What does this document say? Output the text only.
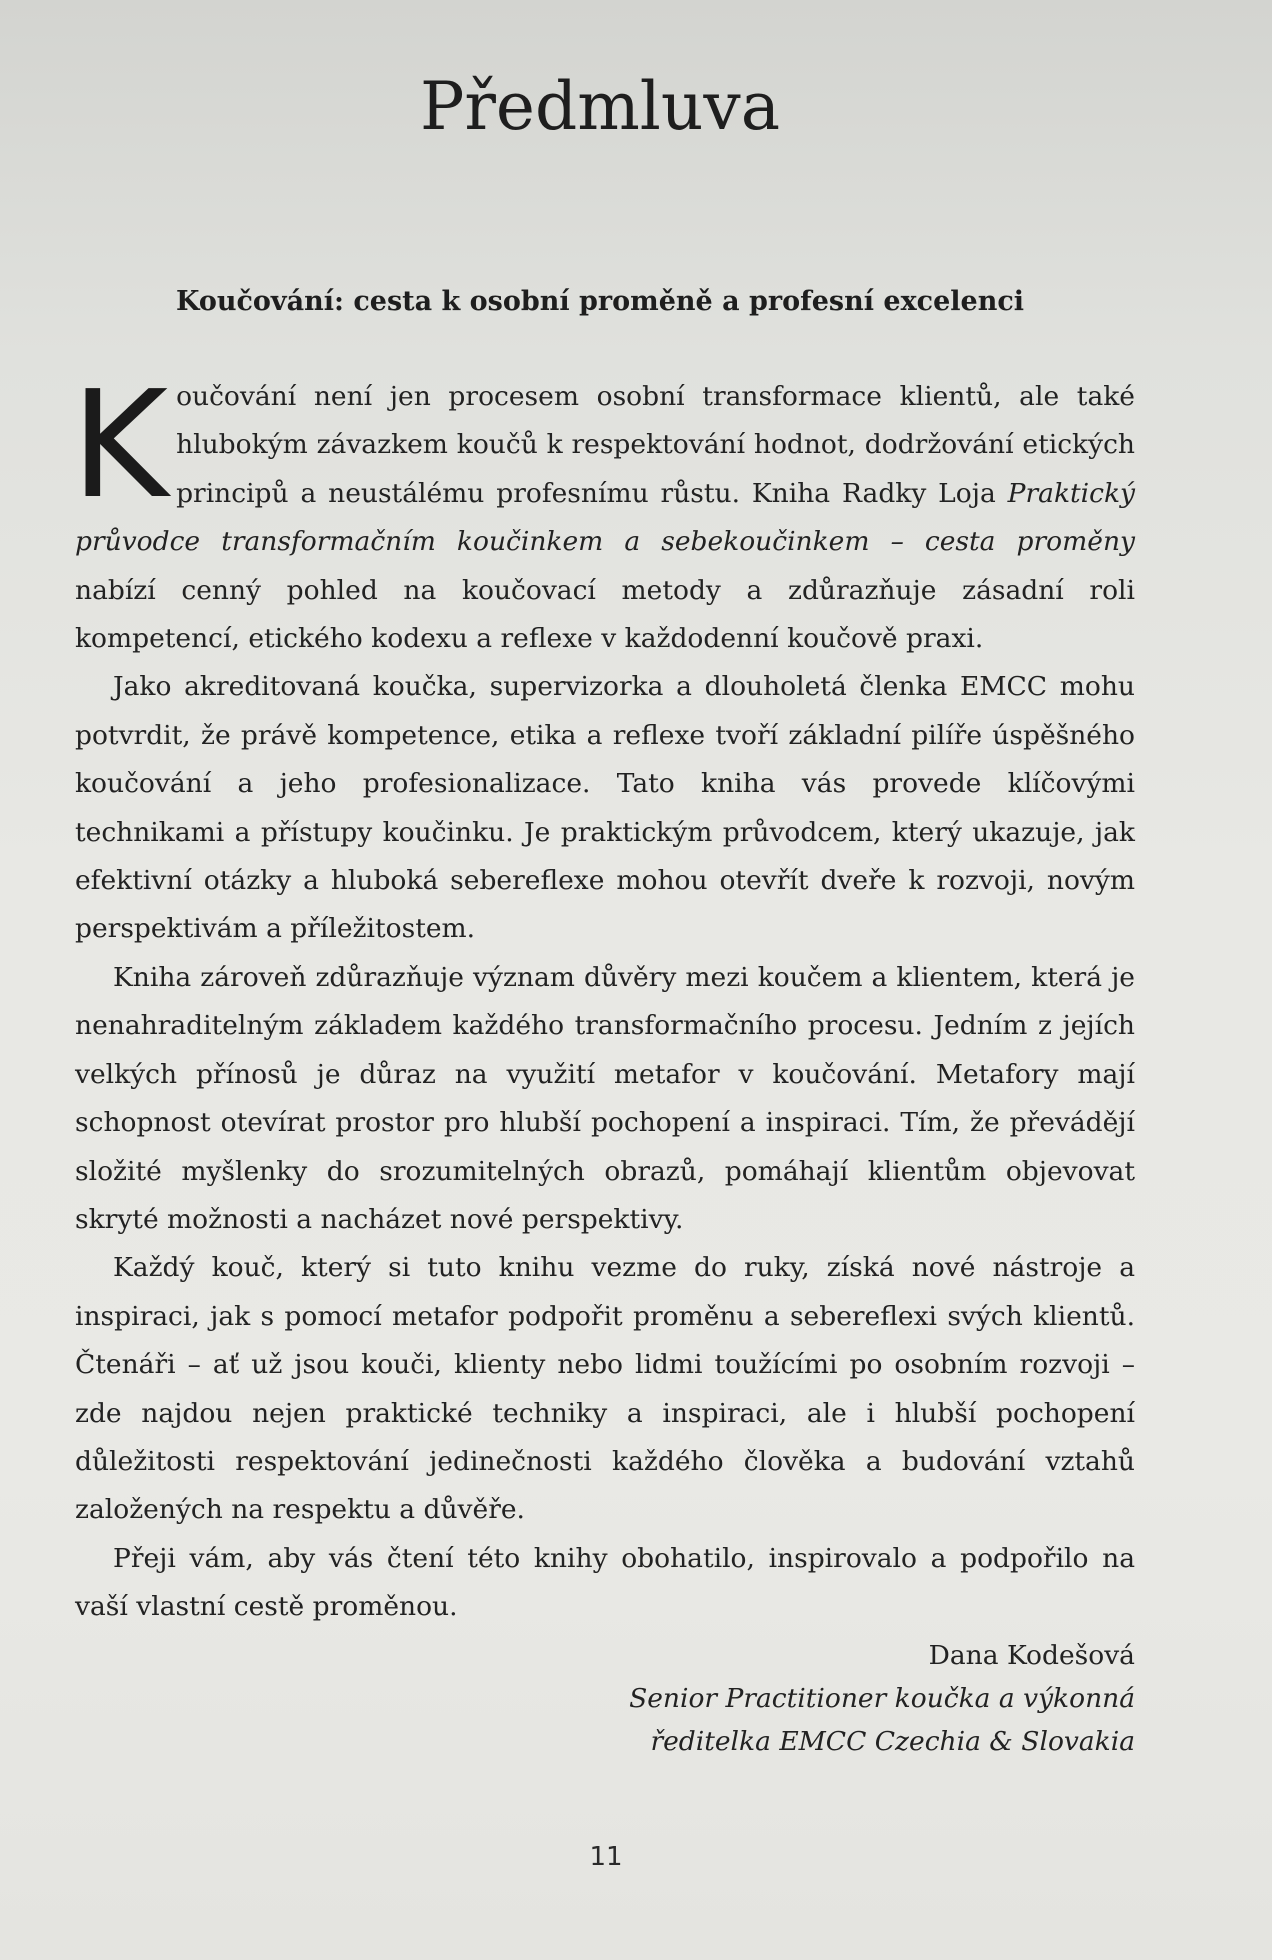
Předmluva
Koučování: cesta k osobní proměně a profesní excelenci

Koučování není jen procesem osobní transformace klientů, ale také hlubokým závazkem koučů k respektování hodnot, dodržování etických principů a neustálému profesnímu růstu. Kniha Radky Loja Praktický průvodce transformačním koučinkem a sebekoučinkem – cesta proměny nabízí cenný pohled na koučovací metody a zdůrazňuje zásadní roli kompetencí, etického kodexu a reflexe v každodenní koučově praxi.

Jako akreditovaná koučka, supervizorka a dlouholetá členka EMCC mohu potvrdit, že právě kompetence, etika a reflexe tvoří základní pilíře úspěšného koučování a jeho profesionalizace. Tato kniha vás provede klíčovými technikami a přístupy koučinku. Je praktickým průvodcem, který ukazuje, jak efektivní otázky a hluboká sebereflexe mohou otevřít dveře k rozvoji, novým perspektivám a příležitostem.

Kniha zároveň zdůrazňuje význam důvěry mezi koučem a klientem, která je nenahraditelným základem každého transformačního procesu. Jedním z jejích velkých přínosů je důraz na využití metafor v koučování. Metafory mají schopnost otevírat prostor pro hlubší pochopení a inspiraci. Tím, že převádějí složité myšlenky do srozumitelných obrazů, pomáhají klientům objevovat skryté možnosti a nacházet nové perspektivy.

Každý kouč, který si tuto knihu vezme do ruky, získá nové nástroje a inspiraci, jak s pomocí metafor podpořit proměnu a sebereflexi svých klientů. Čtenáři – ať už jsou kouči, klienty nebo lidmi toužícími po osobním rozvoji – zde najdou nejen praktické techniky a inspiraci, ale i hlubší pochopení důležitosti respektování jedinečnosti každého člověka a budování vztahů založených na respektu a důvěře.

Přeji vám, aby vás čtení této knihy obohatilo, inspirovalo a podpořilo na vaší vlastní cestě proměnou.

Dana Kodešová
Senior Practitioner koučka a výkonná
ředitelka EMCC Czechia & Slovakia
11
